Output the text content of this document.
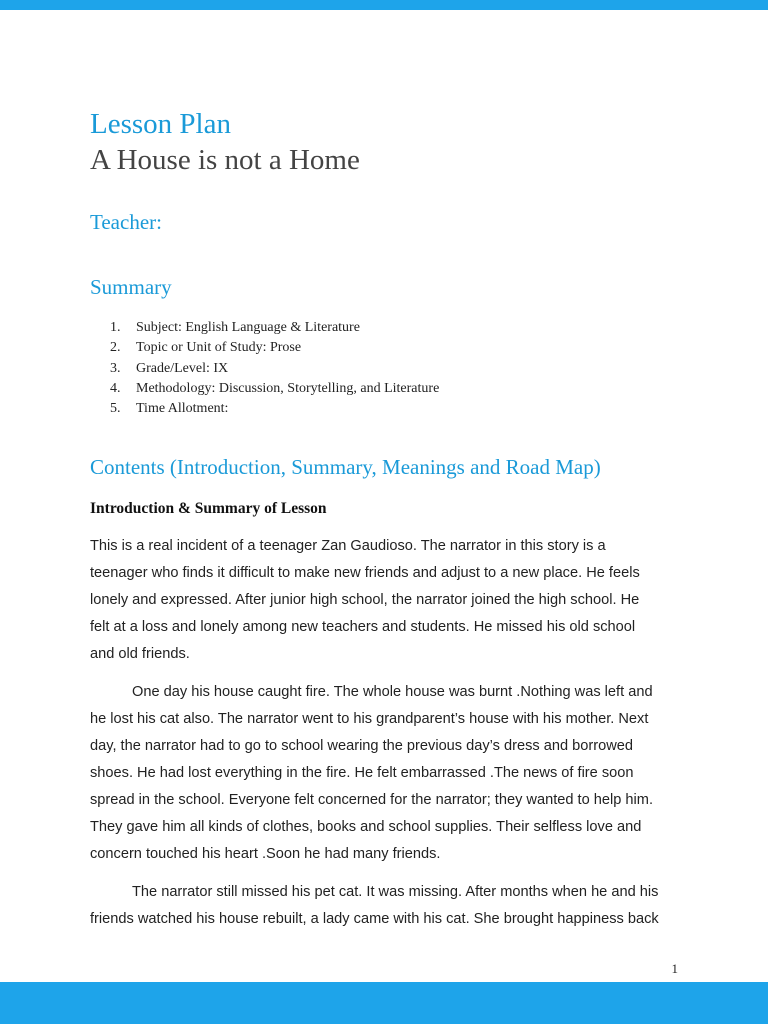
Lesson Plan
A House is not a Home
Teacher:
Summary
1. Subject: English Language & Literature
2. Topic or Unit of Study: Prose
3. Grade/Level: IX
4. Methodology: Discussion, Storytelling, and Literature
5. Time Allotment:
Contents (Introduction, Summary, Meanings and Road Map)
Introduction & Summary of Lesson
This is a real incident of a teenager Zan Gaudioso. The narrator in this story is a
teenager who finds it difficult to make new friends and adjust to a new place. He feels
lonely and expressed. After junior high school, the narrator joined the high school. He
felt at a loss and lonely among new teachers and students. He missed his old school
and old friends.
One day his house caught fire. The whole house was burnt .Nothing was left and
he lost his cat also. The narrator went to his grandparent’s house with his mother. Next
day, the narrator had to go to school wearing the previous day’s dress and borrowed
shoes. He had lost everything in the fire. He felt embarrassed .The news of fire soon
spread in the school. Everyone felt concerned for the narrator; they wanted to help him.
They gave him all kinds of clothes, books and school supplies. Their selfless love and
concern touched his heart .Soon he had many friends.
The narrator still missed his pet cat. It was missing. After months when he and his
friends watched his house rebuilt, a lady came with his cat. She brought happiness back
1
